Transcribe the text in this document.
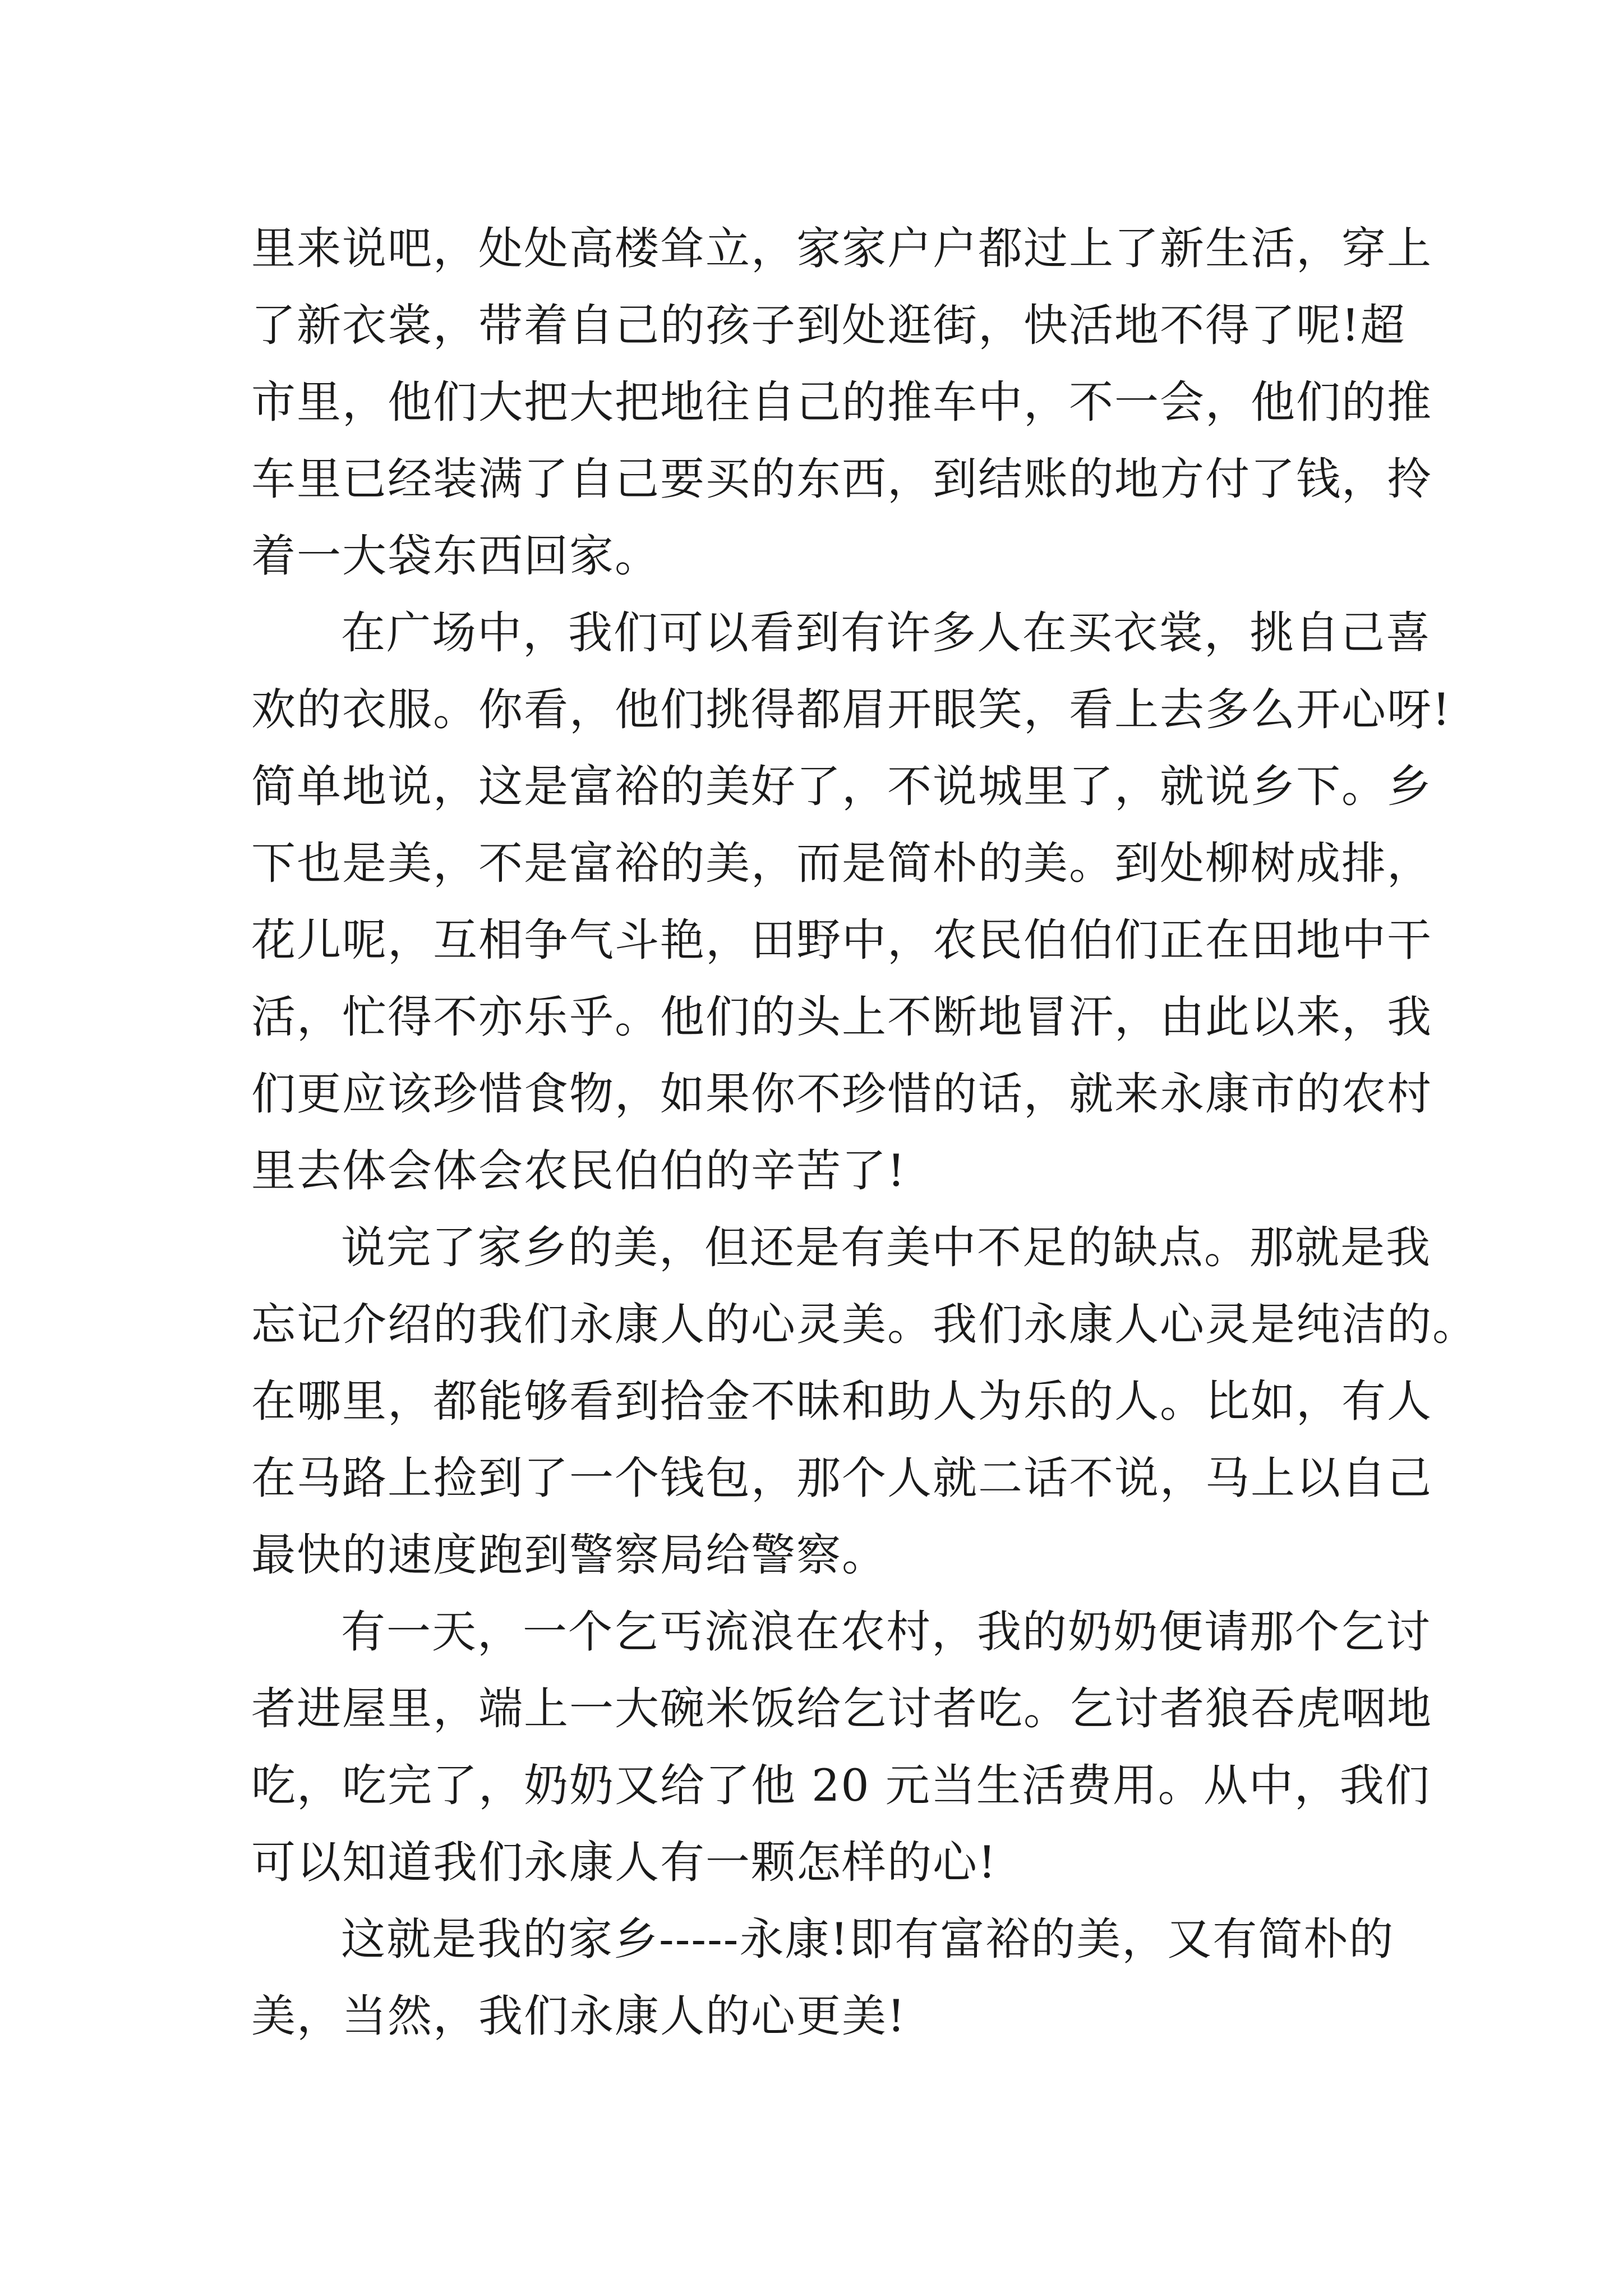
里来说吧，处处高楼耸立，家家户户都过上了新生活，穿上
了新衣裳，带着自己的孩子到处逛街，快活地不得了呢!超
市里，他们大把大把地往自己的推车中，不一会，他们的推
车里已经装满了自己要买的东西，到结账的地方付了钱，拎
着一大袋东西回家。
在广场中，我们可以看到有许多人在买衣裳，挑自己喜
欢的衣服。你看，他们挑得都眉开眼笑，看上去多么开心呀!
简单地说，这是富裕的美好了，不说城里了，就说乡下。乡
下也是美，不是富裕的美，而是简朴的美。到处柳树成排，
花儿呢，互相争气斗艳，田野中，农民伯伯们正在田地中干
活，忙得不亦乐乎。他们的头上不断地冒汗，由此以来，我
们更应该珍惜食物，如果你不珍惜的话，就来永康市的农村
里去体会体会农民伯伯的辛苦了!
说完了家乡的美，但还是有美中不足的缺点。那就是我
忘记介绍的我们永康人的心灵美。我们永康人心灵是纯洁的。
在哪里，都能够看到拾金不昧和助人为乐的人。比如，有人
在马路上捡到了一个钱包，那个人就二话不说，马上以自己
最快的速度跑到警察局给警察。
有一天，一个乞丐流浪在农村，我的奶奶便请那个乞讨
者进屋里，端上一大碗米饭给乞讨者吃。乞讨者狼吞虎咽地
吃，吃完了，奶奶又给了他 20 元当生活费用。从中，我们
可以知道我们永康人有一颗怎样的心!
这就是我的家乡-----永康!即有富裕的美，又有简朴的
美，当然，我们永康人的心更美!
